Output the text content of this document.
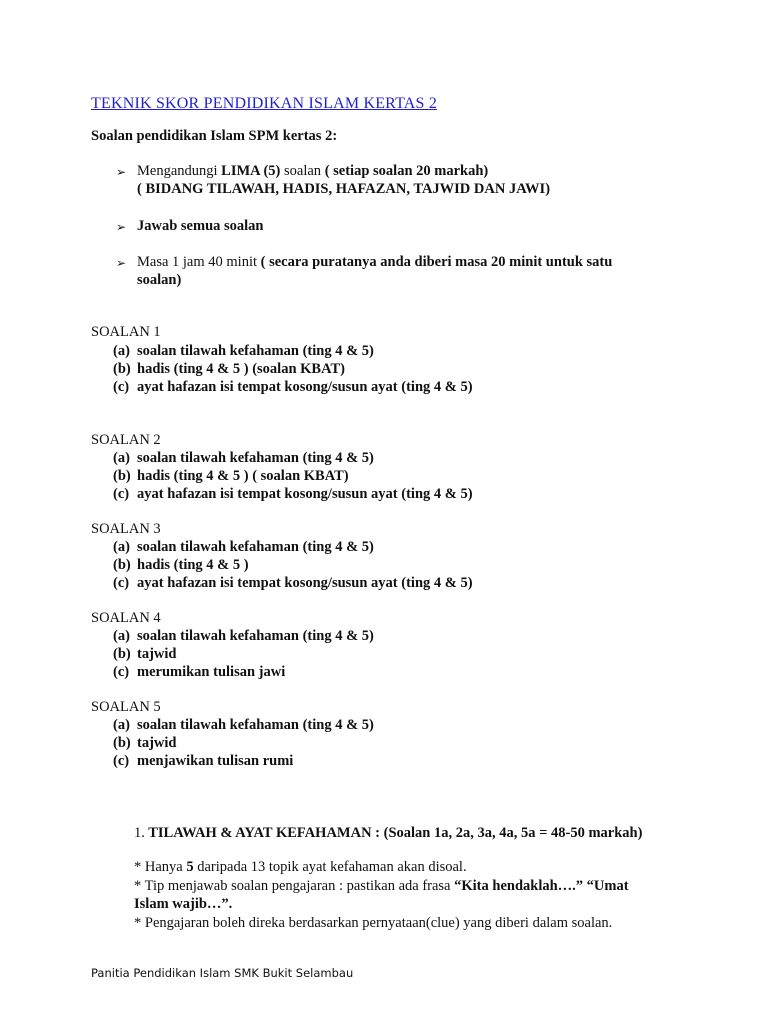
TEKNIK SKOR PENDIDIKAN ISLAM KERTAS 2
Soalan pendidikan Islam SPM kertas 2:
➢ Mengandungi LIMA (5) soalan ( setiap soalan 20 markah)
( BIDANG TILAWAH, HADIS, HAFAZAN, TAJWID DAN JAWI)
➢ Jawab semua soalan
➢ Masa 1 jam 40 minit ( secara puratanya anda diberi masa 20 minit untuk satu
soalan)
SOALAN 1
(a) soalan tilawah kefahaman (ting 4 & 5)
(b) hadis (ting 4 & 5 ) (soalan KBAT)
(c) ayat hafazan isi tempat kosong/susun ayat (ting 4 & 5)
SOALAN 2
(a) soalan tilawah kefahaman (ting 4 & 5)
(b) hadis (ting 4 & 5 ) ( soalan KBAT)
(c) ayat hafazan isi tempat kosong/susun ayat (ting 4 & 5)
SOALAN 3
(a) soalan tilawah kefahaman (ting 4 & 5)
(b) hadis (ting 4 & 5 )
(c) ayat hafazan isi tempat kosong/susun ayat (ting 4 & 5)
SOALAN 4
(a) soalan tilawah kefahaman (ting 4 & 5)
(b) tajwid
(c) merumikan tulisan jawi
SOALAN 5
(a) soalan tilawah kefahaman (ting 4 & 5)
(b) tajwid
(c) menjawikan tulisan rumi
1. TILAWAH & AYAT KEFAHAMAN : (Soalan 1a, 2a, 3a, 4a, 5a = 48-50 markah)
* Hanya 5 daripada 13 topik ayat kefahaman akan disoal.
* Tip menjawab soalan pengajaran : pastikan ada frasa “Kita hendaklah….” “Umat
Islam wajib…”.
* Pengajaran boleh direka berdasarkan pernyataan(clue) yang diberi dalam soalan.
Panitia Pendidikan Islam SMK Bukit Selambau
